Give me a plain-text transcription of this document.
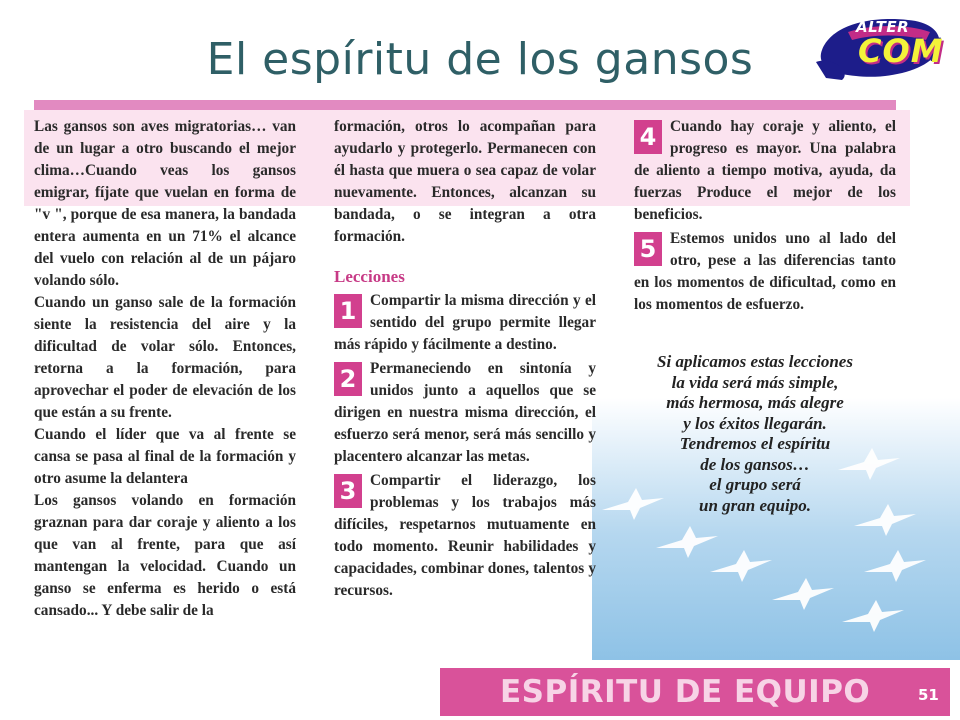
El espíritu de los gansos
ALTER
COM

Las gansos son aves migratorias… van de un lugar a otro buscando el mejor clima…Cuando veas los gansos emigrar, fíjate que vuelan en forma de "v ", porque de esa manera, la bandada entera aumenta en un 71% el alcance del vuelo con relación al de un pájaro volando sólo.

Cuando un ganso sale de la formación siente la resistencia del aire y la dificultad de volar sólo. Entonces, retorna a la formación, para aprovechar el poder de elevación de los que están a su frente.

Cuando el líder que va al frente se cansa se pasa al final de la formación y otro asume la delantera

Los gansos volando en formación graznan para dar coraje y aliento a los que van al frente, para que así mantengan la velocidad. Cuando un ganso se enferma es herido o está cansado... Y debe salir de la

formación, otros lo acompañan para ayudarlo y protegerlo. Permanecen con él hasta que muera o sea capaz de volar nuevamente. Entonces, alcanzan su bandada, o se integran a otra formación.

Lecciones
1 Compartir la misma dirección y el sentido del grupo permite llegar más rápido y fácilmente a destino.
2 Permaneciendo en sintonía y unidos junto a aquellos que se dirigen en nuestra misma dirección, el esfuerzo será menor, será más sencillo y placentero alcanzar las metas.
3 Compartir el liderazgo, los problemas y los trabajos más difíciles, respetarnos mutuamente en todo momento. Reunir habilidades y capacidades, combinar dones, talentos y recursos.
4 Cuando hay coraje y aliento, el progreso es mayor. Una palabra de aliento a tiempo motiva, ayuda, da fuerzas Produce el mejor de los beneficios.
5 Estemos unidos uno al lado del otro, pese a las diferencias tanto en los momentos de dificultad, como en los momentos de esfuerzo.
Si aplicamos estas lecciones
la vida será más simple,
más hermosa, más alegre
y los éxitos llegarán.
Tendremos el espíritu
de los gansos…
el grupo será
un gran equipo.
ESPÍRITU DE EQUIPO	51
